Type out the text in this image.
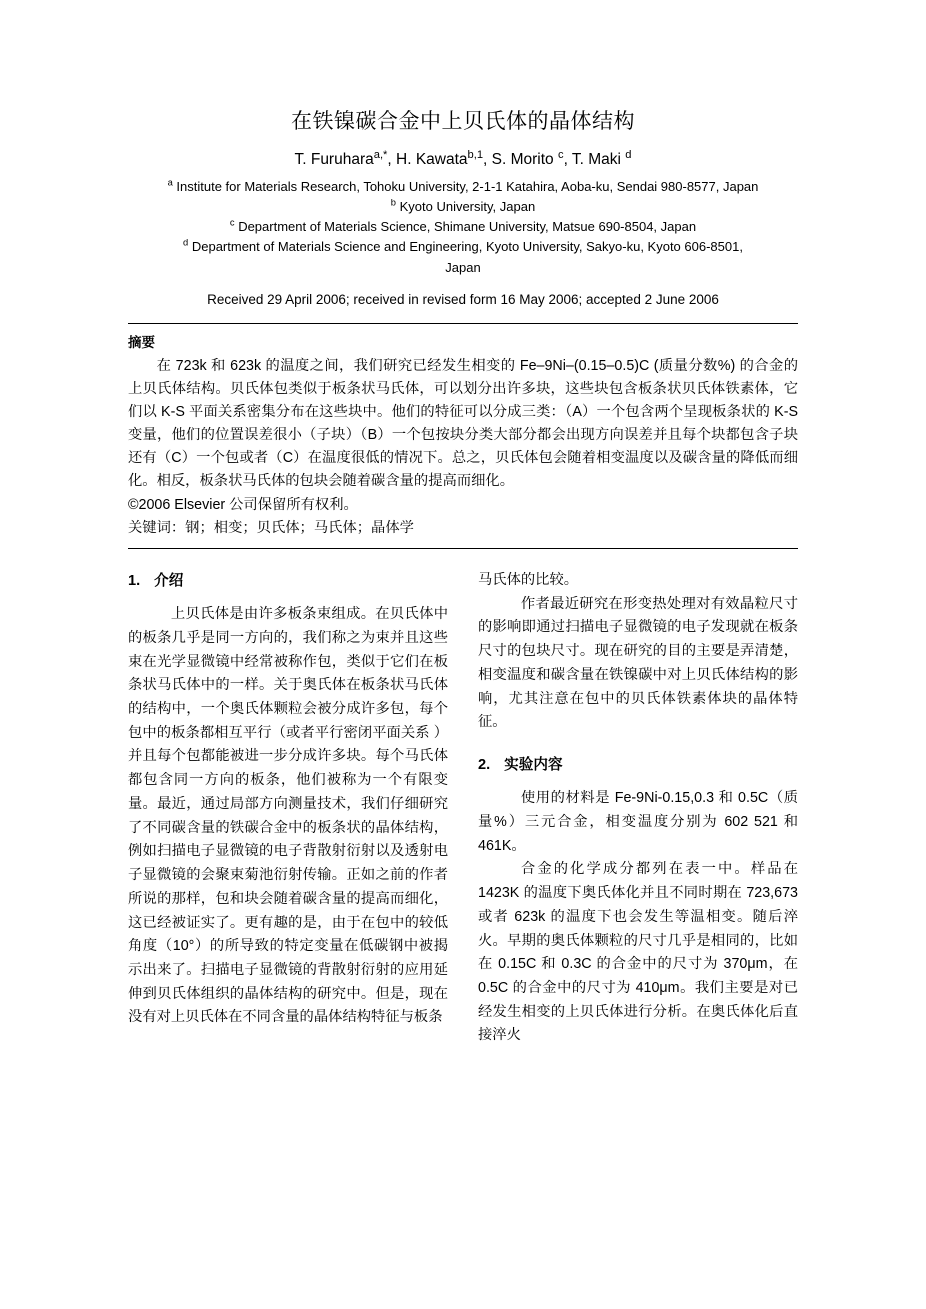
在铁镍碳合金中上贝氏体的晶体结构
T. Furuhara$^{a,*}$, H. Kawata$^{b,1}$, S. Morito $^c$, T. Maki $^d$
$^a$ Institute for Materials Research, Tohoku University, 2-1-1 Katahira, Aoba-ku, Sendai 980-8577, Japan
$^b$ Kyoto University, Japan
$^c$ Department of Materials Science, Shimane University, Matsue 690-8504, Japan
$^d$ Department of Materials Science and Engineering, Kyoto University, Sakyo-ku, Kyoto 606-8501,
Japan
Received 29 April 2006; received in revised form 16 May 2006; accepted 2 June 2006
摘要

在 723k 和 623k 的温度之间，我们研究已经发生相变的 Fe–9Ni–(0.15–0.5)C (质量分数%) 的合金的上贝氏体结构。贝氏体包类似于板条状马氏体，可以划分出许多块，这些块包含板条状贝氏体铁素体，它们以 K-S 平面关系密集分布在这些块中。他们的特征可以分成三类：（A）一个包含两个呈现板条状的 K-S 变量，他们的位置误差很小（子块）（B）一个包按块分类大部分都会出现方向误差并且每个块都包含子块还有（C）一个包或者（C）在温度很低的情况下。总之，贝氏体包会随着相变温度以及碳含量的降低而细化。相反，板条状马氏体的包块会随着碳含量的提高而细化。

©2006 Elsevier 公司保留所有权利。

关键词：钢；相变；贝氏体；马氏体；晶体学

1. 介绍

上贝氏体是由许多板条束组成。在贝氏体中的板条几乎是同一方向的，我们称之为束并且这些束在光学显微镜中经常被称作包，类似于它们在板条状马氏体中的一样。关于奥氏体在板条状马氏体的结构中，一个奥氏体颗粒会被分成许多包，每个包中的板条都相互平行（或者平行密闭平面关系 ）并且每个包都能被进一步分成许多块。每个马氏体都包含同一方向的板条，他们被称为一个有限变量。最近，通过局部方向测量技术，我们仔细研究了不同碳含量的铁碳合金中的板条状的晶体结构，例如扫描电子显微镜的电子背散射衍射以及透射电子显微镜的会聚束菊池衍射传输。正如之前的作者所说的那样，包和块会随着碳含量的提高而细化，这已经被证实了。更有趣的是，由于在包中的较低角度（10°）的所导致的特定变量在低碳钢中被揭示出来了。扫描电子显微镜的背散射衍射的应用延伸到贝氏体组织的晶体结构的研究中。但是，现在没有对上贝氏体在不同含量的晶体结构特征与板条

马氏体的比较。

作者最近研究在形变热处理对有效晶粒尺寸的影响即通过扫描电子显微镜的电子发现就在板条尺寸的包块尺寸。现在研究的目的主要是弄清楚，相变温度和碳含量在铁镍碳中对上贝氏体结构的影响，尤其注意在包中的贝氏体铁素体块的晶体特征。

2. 实验内容

使用的材料是 Fe-9Ni-0.15,0.3 和 0.5C（质量%）三元合金，相变温度分别为 602 521 和 461K。

合金的化学成分都列在表一中。样品在 1423K 的温度下奥氏体化并且不同时期在 723,673 或者 623k 的温度下也会发生等温相变。随后淬火。早期的奥氏体颗粒的尺寸几乎是相同的，比如在 0.15C 和 0.3C 的合金中的尺寸为 370μm，在 0.5C 的合金中的尺寸为 410μm。我们主要是对已经发生相变的上贝氏体进行分析。在奥氏体化后直接淬火
